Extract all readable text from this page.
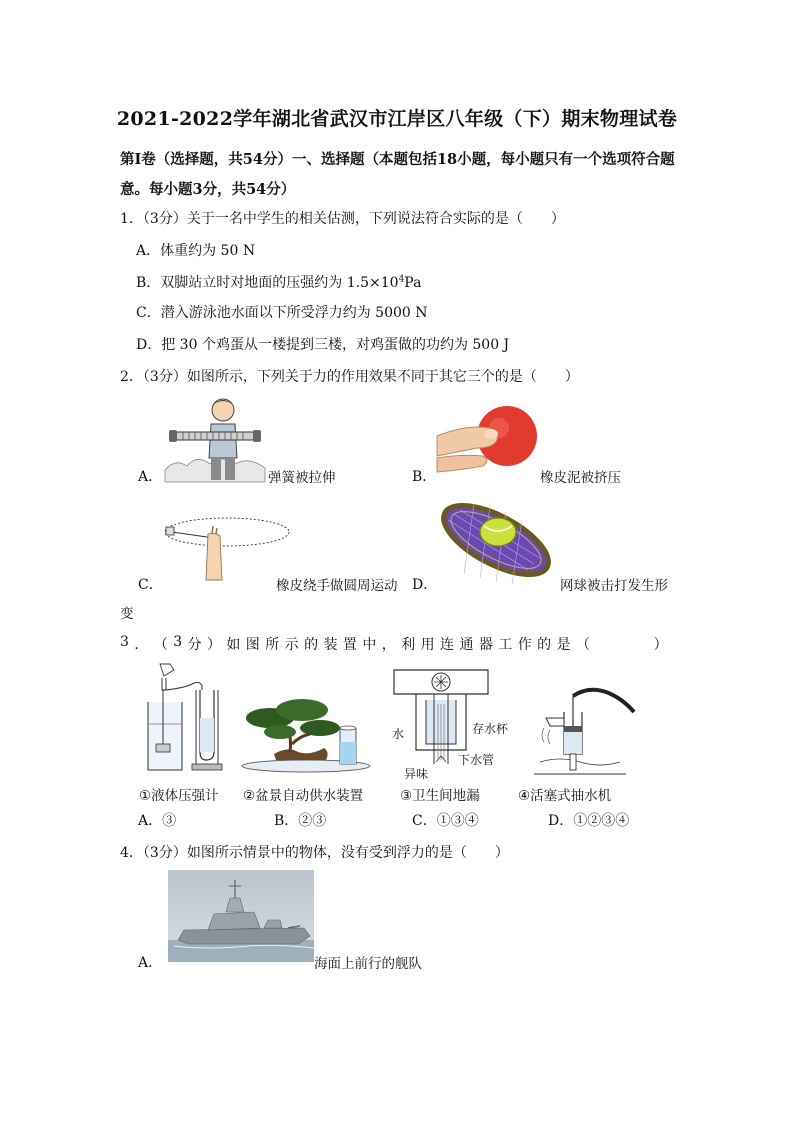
2021-2022学年湖北省武汉市江岸区八年级（下）期末物理试卷
第Ⅰ卷（选择题，共54分）一、选择题（本题包括18小题，每小题只有一个选项符合题
意。每小题3分，共54分）
1．（3分）关于一名中学生的相关估测，下列说法符合实际的是（　　）
A．体重约为 50 N
B．双脚站立时对地面的压强约为 $1.5\times 10^4Pa$
C．潜入游泳池水面以下所受浮力约为 5000 N
D．把 30 个鸡蛋从一楼提到三楼，对鸡蛋做的功约为 500 J
2．（3分）如图所示，下列关于力的作用效果不同于其它三个的是（　　）
A．	弹簧被拉伸	B．	橡皮泥被挤压
C．	橡皮绕手做圆周运动 D．	网球被击打发生形
变
3 ． （ 3 分 ） 如 图 所 示 的 装 置 中 ， 利 用 连 通 器 工 作 的 是 （

　	）
水	存水杯
下水管
异味
①液体压强计 ②盆景自动供水装置	③卫生间地漏	④活塞式抽水机
A．③	B．②③	C．①③④	D．①②③④
4．（3分）如图所示情景中的物体，没有受到浮力的是（　　）
A．	海面上前行的舰队
